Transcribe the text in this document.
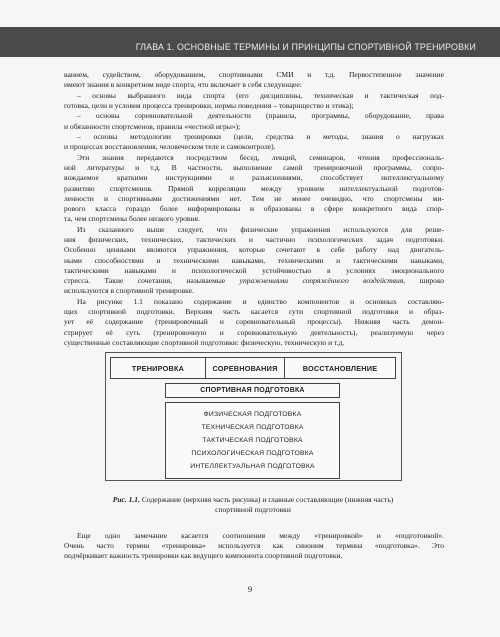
ГЛАВА 1. ОСНОВНЫЕ ТЕРМИНЫ И ПРИНЦИПЫ СПОРТИВНОЙ ТРЕНИРОВКИ
ванием, судейством, оборудованием, спортивными СМИ и т.д. Первостепенное значение
имеют знания в конкретном виде спорта, что включает в себя следующее:
– основы выбранного вида спорта (его дисциплины, техническая и тактическая под-
готовка, цели и условия процесса тренировки, нормы поведения – товарищество и этика);
– основы соревновательной деятельности (правила, программы, оборудование, права
и обязанности спортсменов, правила «честной игры»);
– основы методологии тренировки (цели, средства и методы, знания о нагрузках
и процессах восстановления, человеческом теле и самоконтроле).
Эти знания передаются посредством бесед, лекций, семинаров, чтения профессиональ-
ной литературы и т.д. В частности, выполнение самой тренировочной программы, сопро-
вождаемое краткими инструкциями и разъяснениями, способствует интеллектуальному
развитию спортсменов. Прямой корреляции между уровнем интеллектуальной подготов-
ленности и спортивными достижениями нет. Тем не менее очевидно, что спортсмены ми-
рового класса гораздо более информированы и образованы в сфере конкретного вида спор-
та, чем спортсмены более низкого уровня.
Из сказанного выше следует, что физические упражнения используются для реше-
ния физических, технических, тактических и частично психологических задач подготовки.
Особенно ценными являются упражнения, которые сочетают в себе работу над двигатель-
ными способностями и техническими навыками, техническими и тактическими навыками,
тактическими навыками и психологической устойчивостью в условиях эмоционального
стресса. Такие сочетания, называемые упражнениями сопряжённого воздействия, широко
используются в спортивной тренировке.
На рисунке 1.1 показано содержание и единство компонентов и основных составляю-
щих спортивной подготовки. Верхняя часть касается сути спортивной подготовки и образ-
ует её содержание (тренировочный и соревновательный процессы). Нижняя часть демон-
стрирует её суть (тренировочную и соревновательную деятельность), реализуемую через
существенные составляющие спортивной подготовки: физическую, техническую и т.д.
ТРЕНИРОВКА	СОРЕВНОВАНИЯ	ВОССТАНОВЛЕНИЕ
СПОРТИВНАЯ ПОДГОТОВКА
ФИЗИЧЕСКАЯ ПОДГОТОВКА
ТЕХНИЧЕСКАЯ ПОДГОТОВКА
ТАКТИЧЕСКАЯ ПОДГОТОВКА
ПСИХОЛОГИЧЕСКАЯ ПОДГОТОВКА
ИНТЕЛЛЕКТУАЛЬНАЯ ПОДГОТОВКА
Рис. 1.1. Содержание (верхняя часть рисунка) и главные составляющие (нижняя часть)
спортивной подготовки
Еще одно замечание касается соотношения между «тренировкой» и «подготовкой».
Очень часто термин «тренировка» используется как синоним термина «подготовка». Это
подчёркивает важность тренировки как ведущего компонента спортивной подготовки.
9
